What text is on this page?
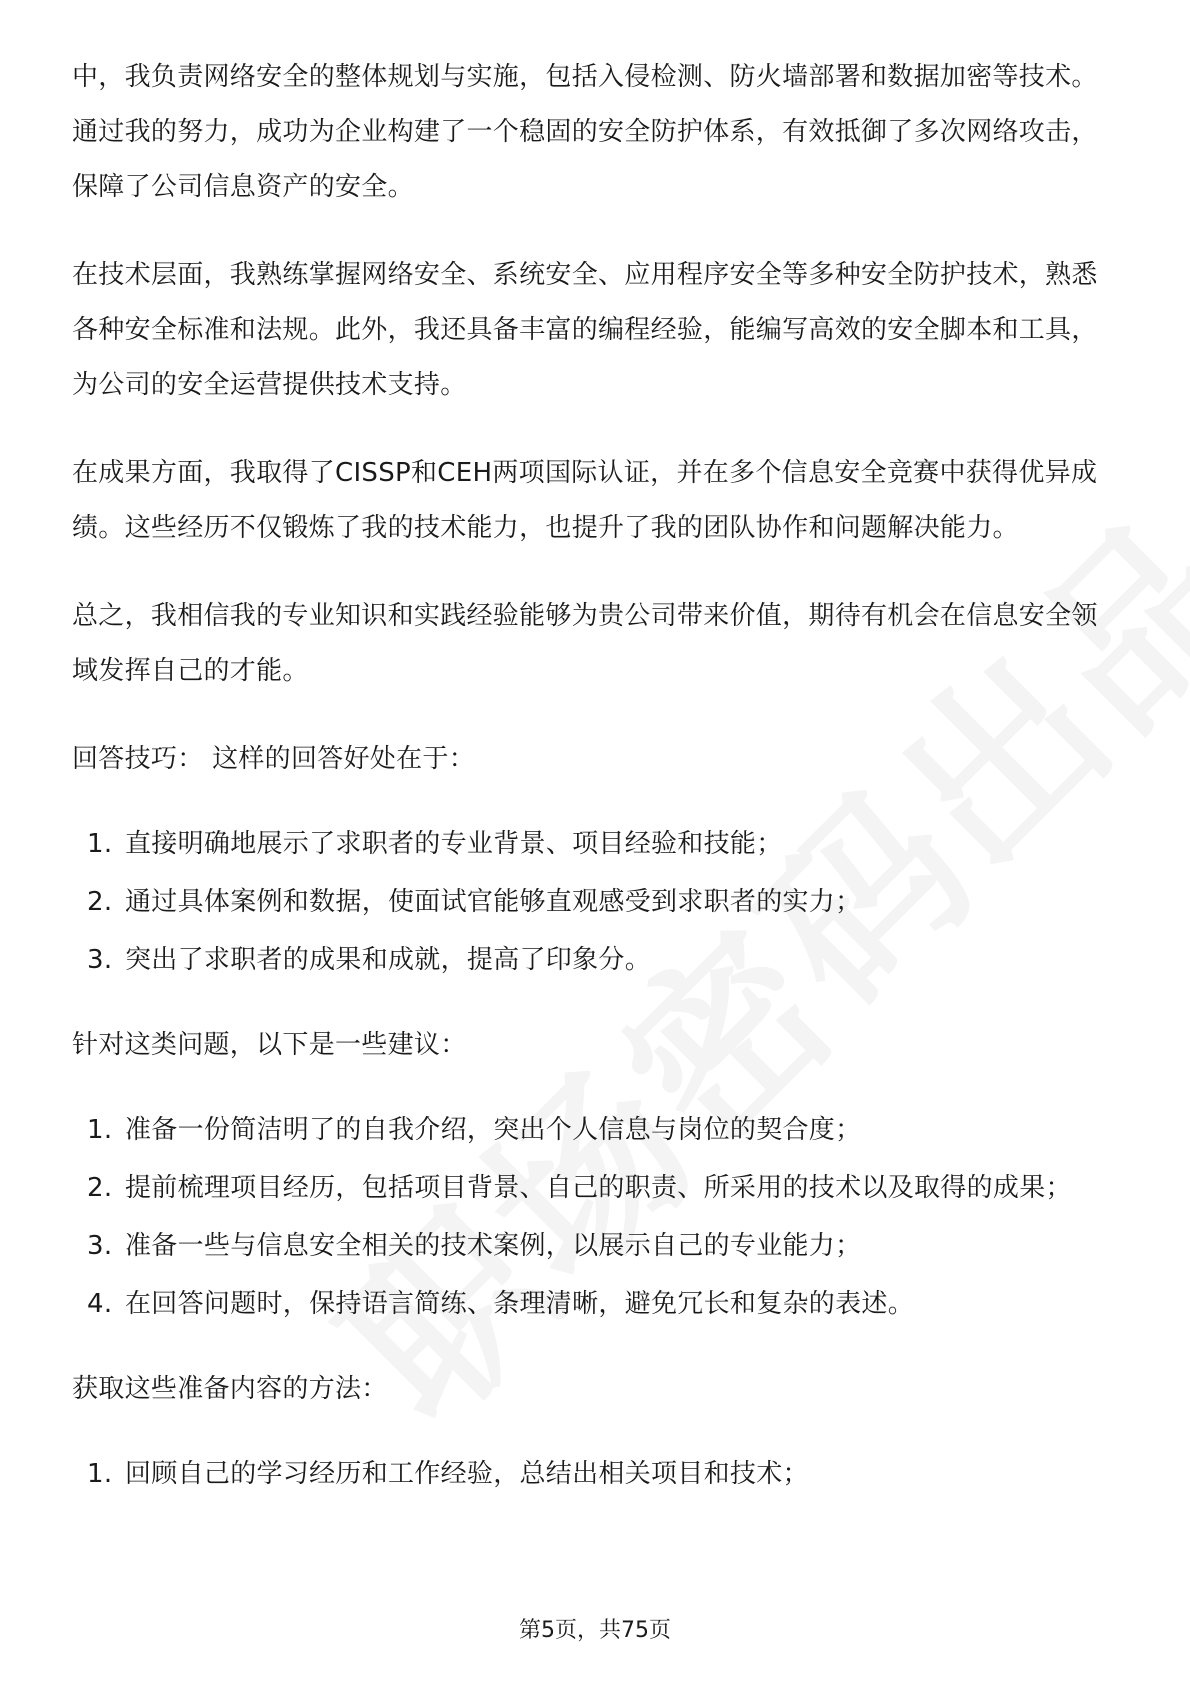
中，我负责网络安全的整体规划与实施，包括入侵检测、防火墙部署和数据加密等技术。通过我的努力，成功为企业构建了一个稳固的安全防护体系，有效抵御了多次网络攻击，保障了公司信息资产的安全。

在技术层面，我熟练掌握网络安全、系统安全、应用程序安全等多种安全防护技术，熟悉各种安全标准和法规。此外，我还具备丰富的编程经验，能编写高效的安全脚本和工具，为公司的安全运营提供技术支持。

在成果方面，我取得了CISSP和CEH两项国际认证，并在多个信息安全竞赛中获得优异成绩。这些经历不仅锻炼了我的技术能力，也提升了我的团队协作和问题解决能力。

总之，我相信我的专业知识和实践经验能够为贵公司带来价值，期待有机会在信息安全领域发挥自己的才能。

回答技巧： 这样的回答好处在于：

1. 直接明确地展示了求职者的专业背景、项目经验和技能；
2. 通过具体案例和数据，使面试官能够直观感受到求职者的实力；
3. 突出了求职者的成果和成就，提高了印象分。

针对这类问题，以下是一些建议：

1. 准备一份简洁明了的自我介绍，突出个人信息与岗位的契合度；
2. 提前梳理项目经历，包括项目背景、自己的职责、所采用的技术以及取得的成果；
3. 准备一些与信息安全相关的技术案例，以展示自己的专业能力；
4. 在回答问题时，保持语言简练、条理清晰，避免冗长和复杂的表述。

获取这些准备内容的方法：

1. 回顾自己的学习经历和工作经验，总结出相关项目和技术；
第5页，共75页
